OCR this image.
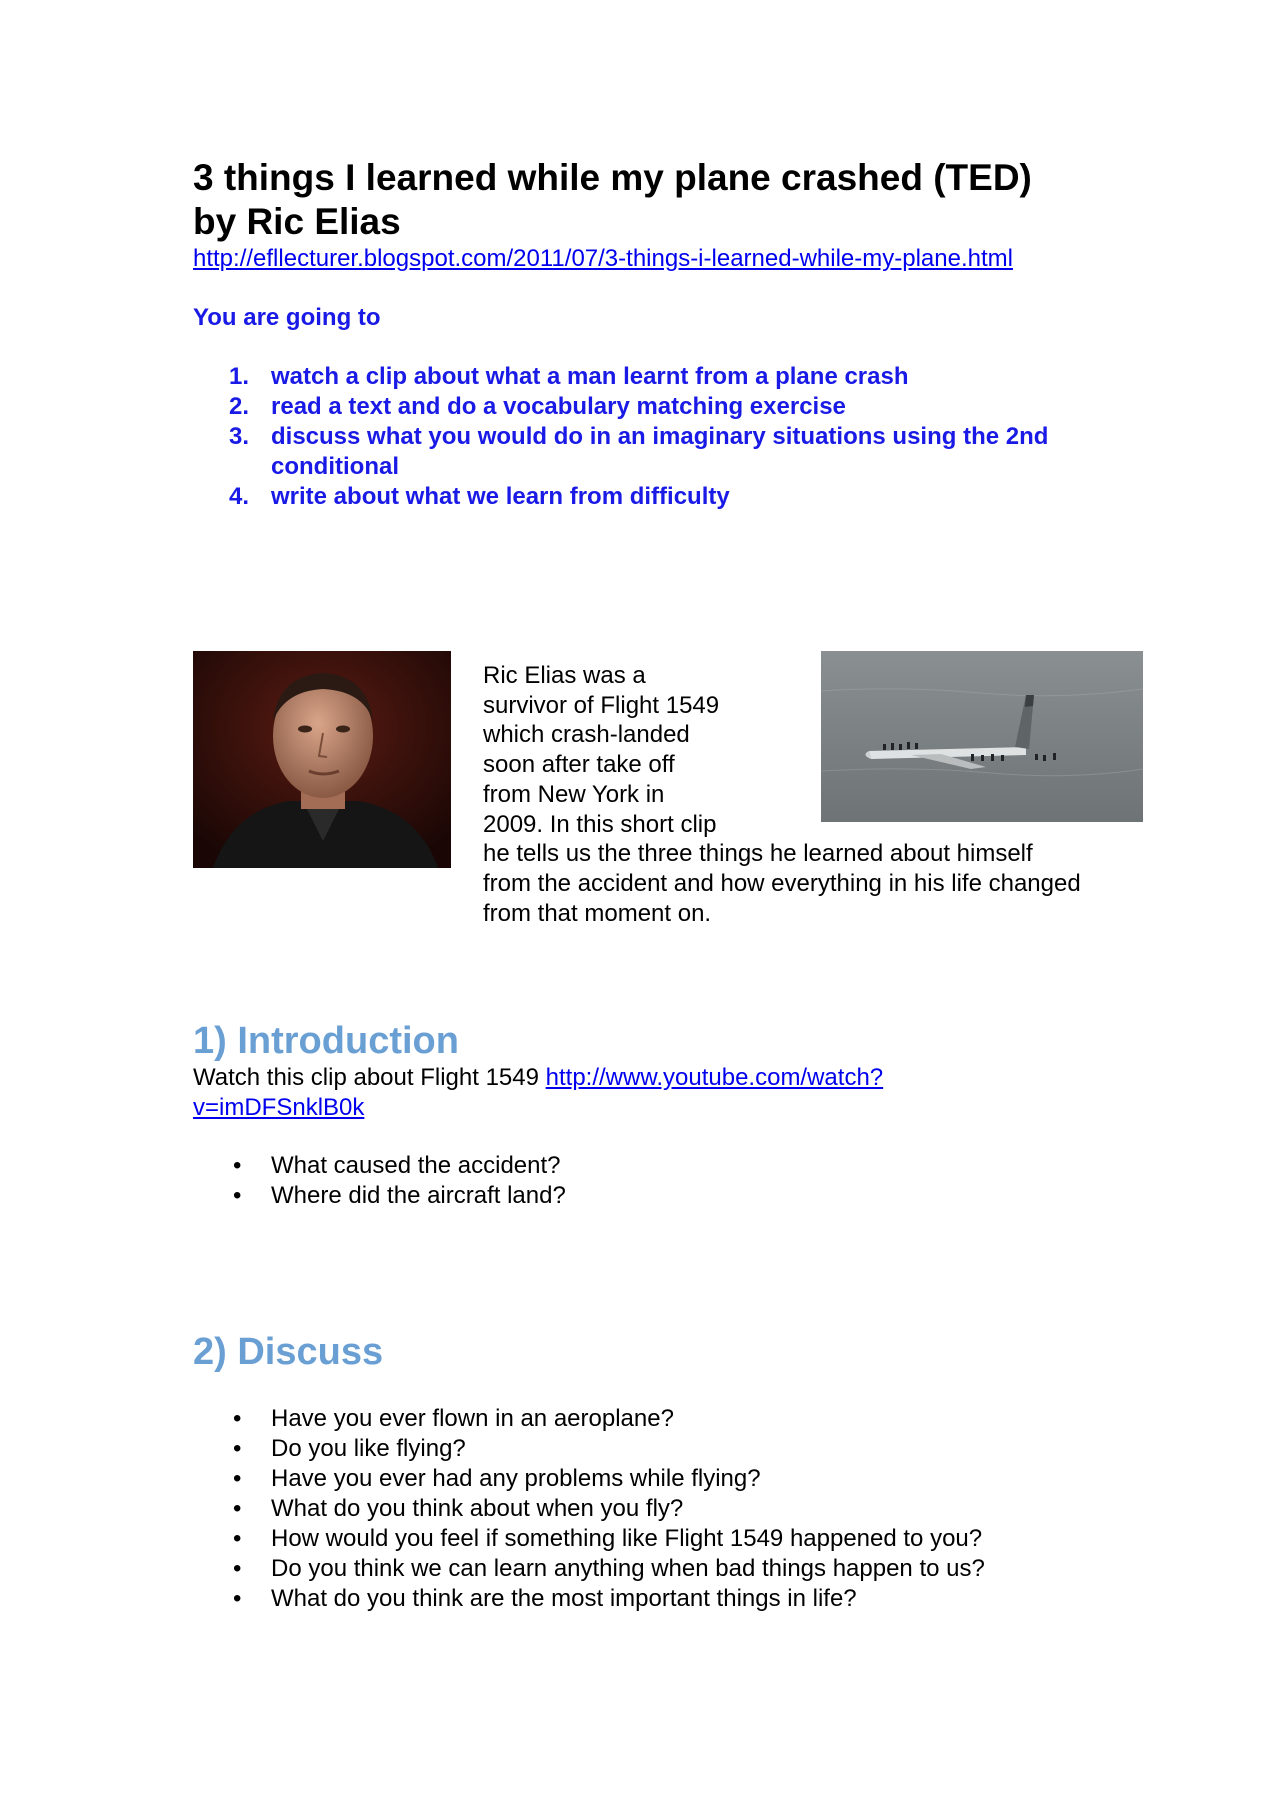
3 things I learned while my plane crashed (TED)
by Ric Elias
http://efllecturer.blogspot.com/2011/07/3-things-i-learned-while-my-plane.html
You are going to
1. watch a clip about what a man learnt from a plane crash
2. read a text and do a vocabulary matching exercise
3. discuss what you would do in an imaginary situations using the 2nd conditional
4. write about what we learn from difficulty
Ric Elias was a survivor of Flight 1549 which crash-landed soon after take off from New York in 2009. In this short clip he tells us the three things he learned about himself from the accident and how everything in his life changed from that moment on.
1) Introduction
Watch this clip about Flight 1549 http://www.youtube.com/watch?v=imDFSnklB0k
• What caused the accident?
• Where did the aircraft land?
2) Discuss
• Have you ever flown in an aeroplane?
• Do you like flying?
• Have you ever had any problems while flying?
• What do you think about when you fly?
• How would you feel if something like Flight 1549 happened to you?
• Do you think we can learn anything when bad things happen to us?
• What do you think are the most important things in life?
